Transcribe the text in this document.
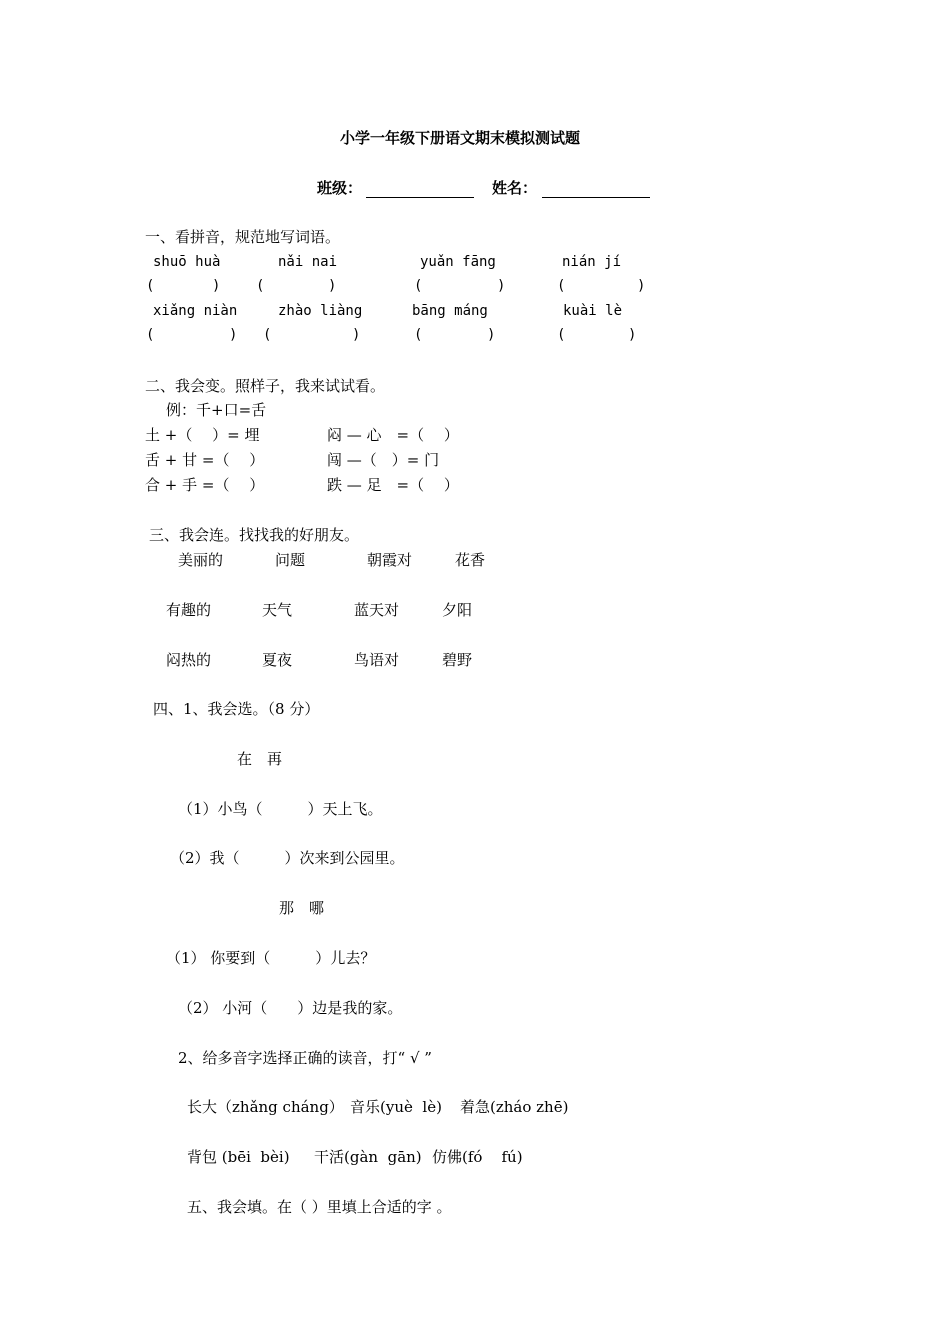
小学一年级下册语文期末模拟测试题
班级：	姓名：
一、看拼音，规范地写词语。
shuō huà	nǎi nai	yuǎn fāng	nián jí
(	)	(	)	(	)	(	)
xiǎng niàn	zhào liàng	bāng máng	kuài lè
(	) (	)	(	)	(	)
二、我会变。照样子，我来试试看。
例：千+口=舌
土 +（　 ）= 埋	闷 — 心　=（　 ）
舌 + 甘 =（　 ）	闯 —（　）= 门
合 + 手 =（　 ）	跌 — 足　=（　 ）
三、我会连。找找我的好朋友。
美丽的	问题	朝霞对	花香
有趣的	天气	蓝天对	夕阳
闷热的	夏夜	鸟语对	碧野
四、1、我会选。（8 分）
在　再
（1）小鸟（　　　）天上飞。
（2）我（　　　）次来到公园里。
那　哪
（1） 你要到（　　　）儿去？
（2） 小河（　　）边是我的家。
2、给多音字选择正确的读音，打“ √ ”
长大（zhǎng cháng） 音乐(yuè  lè) 着急(zháo zhē)
背包 (bēi  bèi) 干活(gàn  gān) 仿佛(fó    fú)
五、我会填。在（ ）里填上合适的字 。
